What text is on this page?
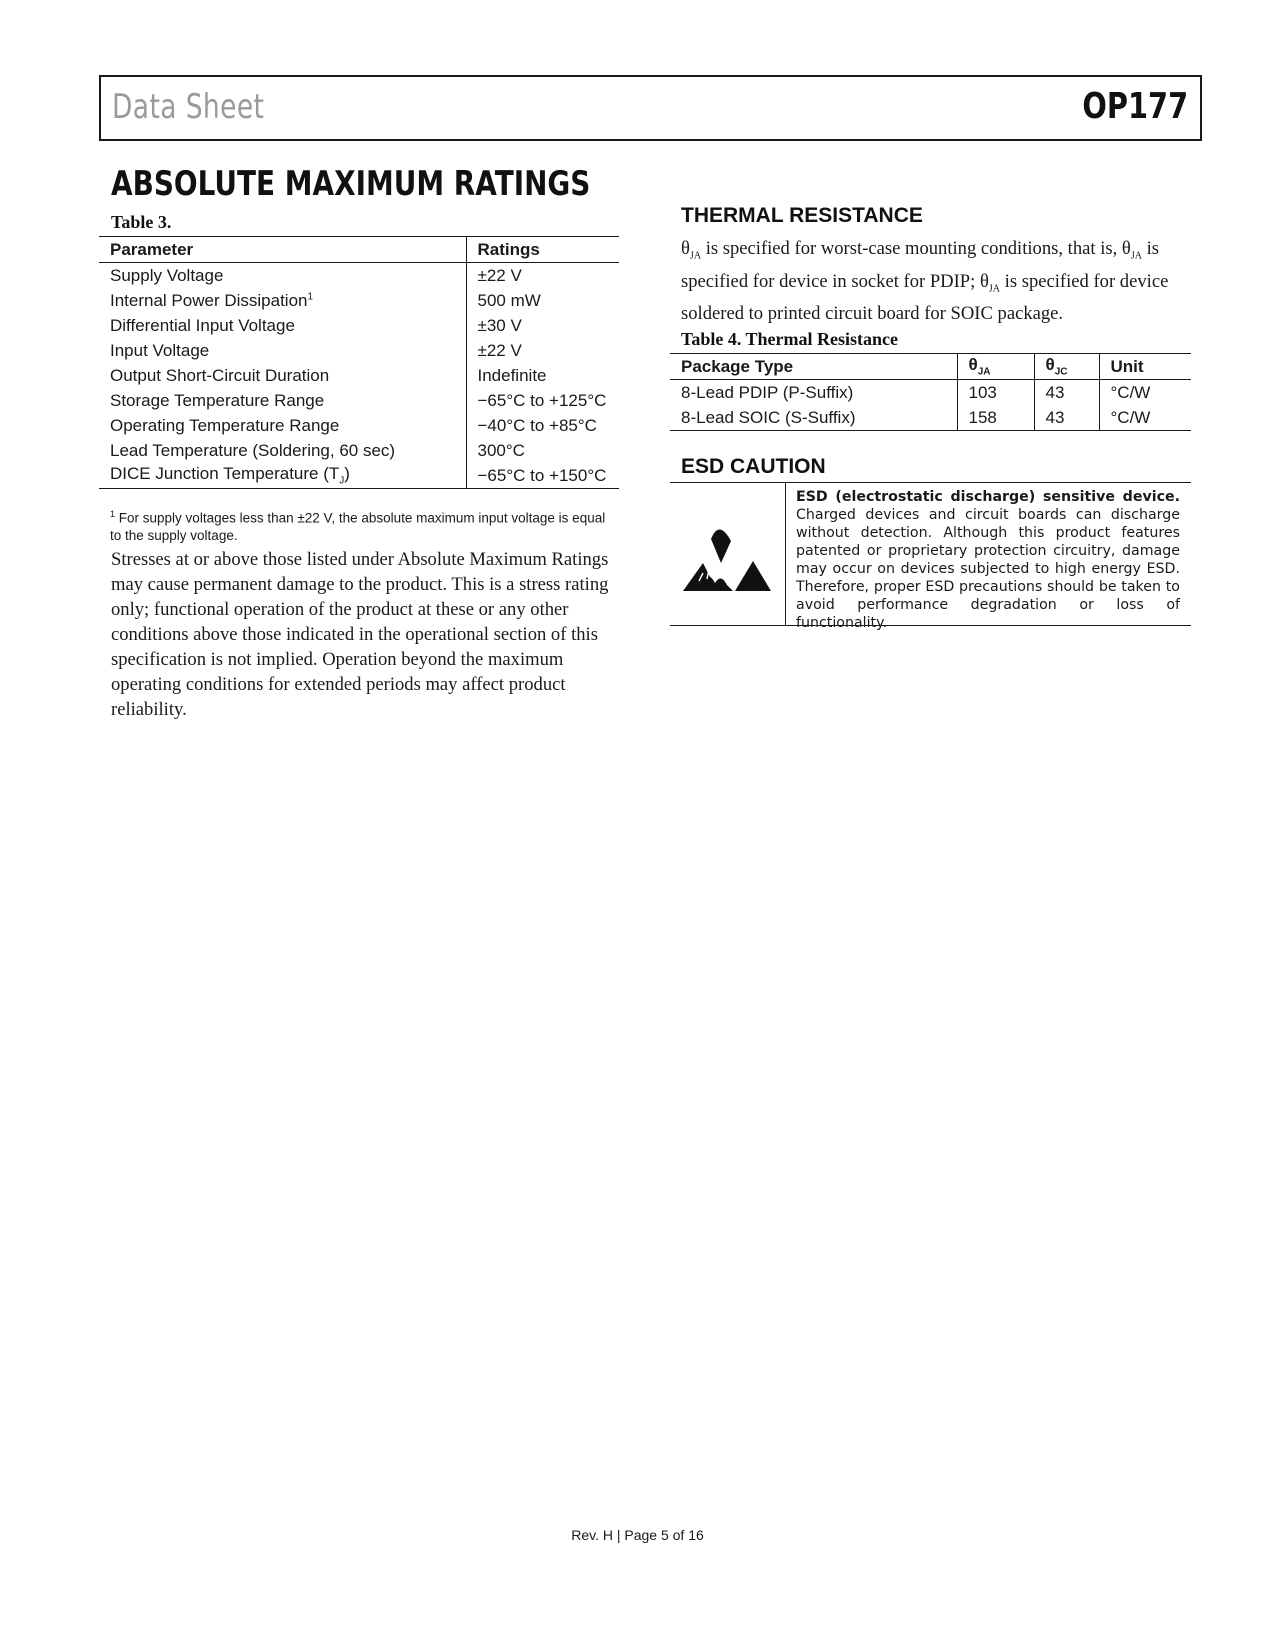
Data Sheet	OP177
ABSOLUTE MAXIMUM RATINGS
Table 3.
Parameter	Ratings
Supply Voltage	±22 V
Internal Power Dissipation$^1$	500 mW
Differential Input Voltage	±30 V
Input Voltage	±22 V
Output Short-Circuit Duration	Indefinite
Storage Temperature Range	−65°C to +125°C
Operating Temperature Range	−40°C to +85°C
Lead Temperature (Soldering, 60 sec)	300°C
DICE Junction Temperature $(T_J)$	−65°C to +150°C
$^1$ For supply voltages less than ±22 V, the absolute maximum input voltage is equal to the supply voltage.
Stresses at or above those listed under Absolute Maximum Ratings may cause permanent damage to the product. This is a stress rating only; functional operation of the product at these or any other conditions above those indicated in the operational section of this specification is not implied. Operation beyond the maximum operating conditions for extended periods may affect product reliability.
THERMAL RESISTANCE
$\theta_{JA}$ is specified for worst-case mounting conditions, that is, $\theta_{JA}$ is specified for device in socket for PDIP; $\theta_{JA}$ is specified for device soldered to printed circuit board for SOIC package.
Table 4. Thermal Resistance
Package Type	$\theta_{JA}$	$\theta_{JC}$	Unit
8-Lead PDIP (P-Suffix)	103	43	°C/W
8-Lead SOIC (S-Suffix)	158	43	°C/W
ESD CAUTION
ESD (electrostatic discharge) sensitive device. Charged devices and circuit boards can discharge without detection. Although this product features patented or proprietary protection circuitry, damage may occur on devices subjected to high energy ESD. Therefore, proper ESD precautions should be taken to avoid performance degradation or loss of functionality.
Rev. H | Page 5 of 16
